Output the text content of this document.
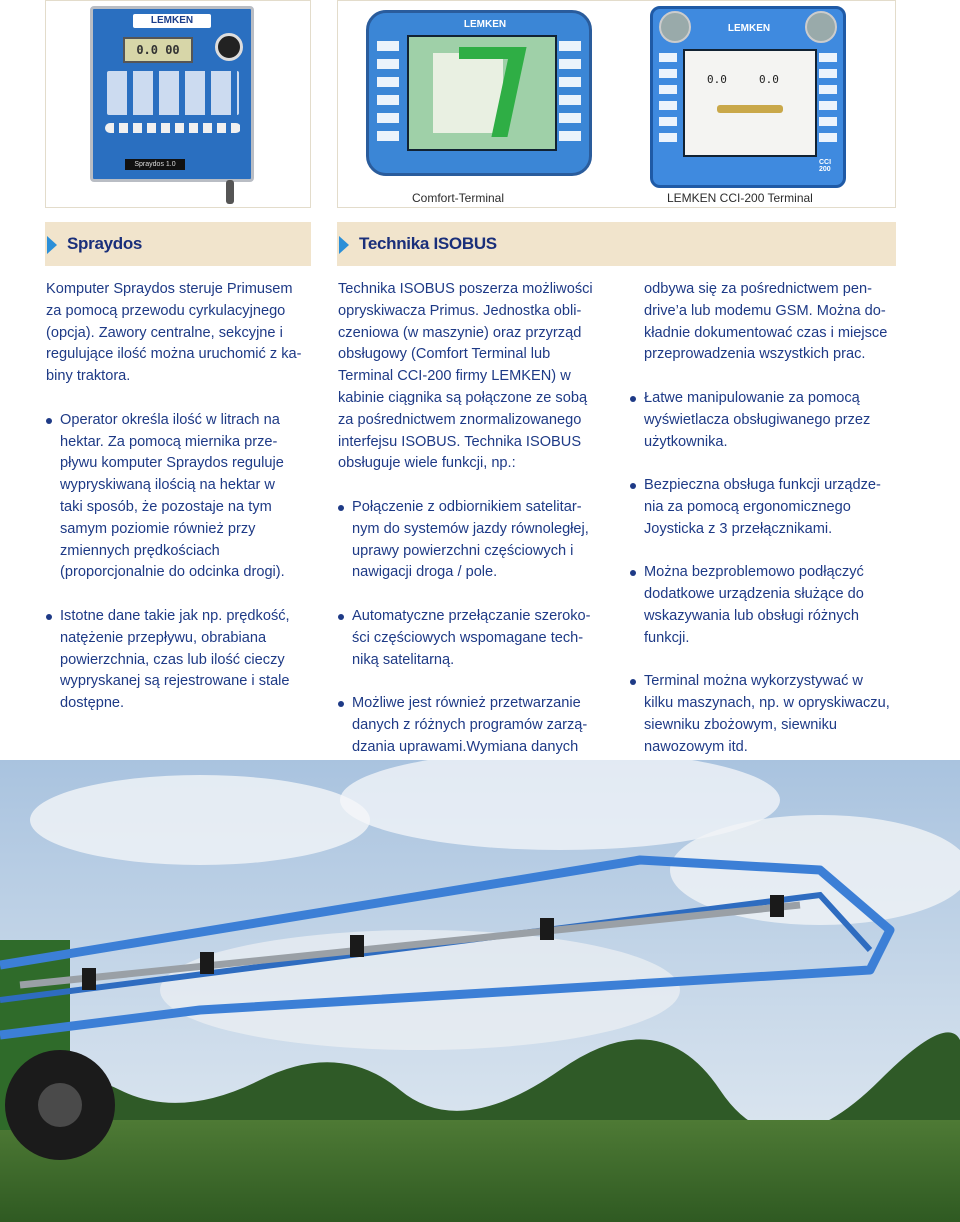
LEMKEN
0.0 00
Spraydos 1.0
LEMKEN	LEMKEN
0.0	0.0
CCI 200
Comfort-Terminal	LEMKEN CCI-200 Terminal
Spraydos	Technika ISOBUS

Komputer Spraydos steruje Primusem
za pomocą przewodu cyrkulacyjnego
(opcja). Zawory centralne, sekcyjne i
regulujące ilość można uruchomić z ka-
biny traktora.

Operator określa ilość w litrach na
hektar. Za pomocą miernika prze-
pływu komputer Spraydos reguluje
wypryskiwaną ilością na hektar w
taki sposób, że pozostaje na tym
samym poziomie również przy
zmiennych prędkościach
(proporcjonalnie do odcinka drogi).

Istotne dane takie jak np. prędkość,
natężenie przepływu, obrabiana
powierzchnia, czas lub ilość cieczy
wypryskanej są rejestrowane i stale
dostępne.

Technika ISOBUS poszerza możliwości
opryskiwacza Primus. Jednostka obli-
czeniowa (w maszynie) oraz przyrząd
obsługowy (Comfort Terminal lub
Terminal CCI-200 firmy LEMKEN) w
kabinie ciągnika są połączone ze sobą
za pośrednictwem znormalizowanego
interfejsu ISOBUS. Technika ISOBUS
obsługuje wiele funkcji, np.:

Połączenie z odbiornikiem satelitar-
nym do systemów jazdy równoległej,
uprawy powierzchni częściowych i
nawigacji droga / pole.

Automatyczne przełączanie szeroko-
ści częściowych wspomagane tech-
niką satelitarną.

Możliwe jest również przetwarzanie
danych z różnych programów zarzą-
dzania uprawami.Wymiana danych

odbywa się za pośrednictwem pen-
drive’a lub modemu GSM. Można do-
kładnie dokumentować czas i miejsce
przeprowadzenia wszystkich prac.

Łatwe manipulowanie za pomocą
wyświetlacza obsługiwanego przez
użytkownika.

Bezpieczna obsługa funkcji urządze-
nia za pomocą ergonomicznego
Joysticka z 3 przełącznikami.

Można bezproblemowo podłączyć
dodatkowe urządzenia służące do
wskazywania lub obsługi różnych
funkcji.

Terminal można wykorzystywać w
kilku maszynach, np. w opryskiwaczu,
siewniku zbożowym, siewniku
nawozowym itd.
